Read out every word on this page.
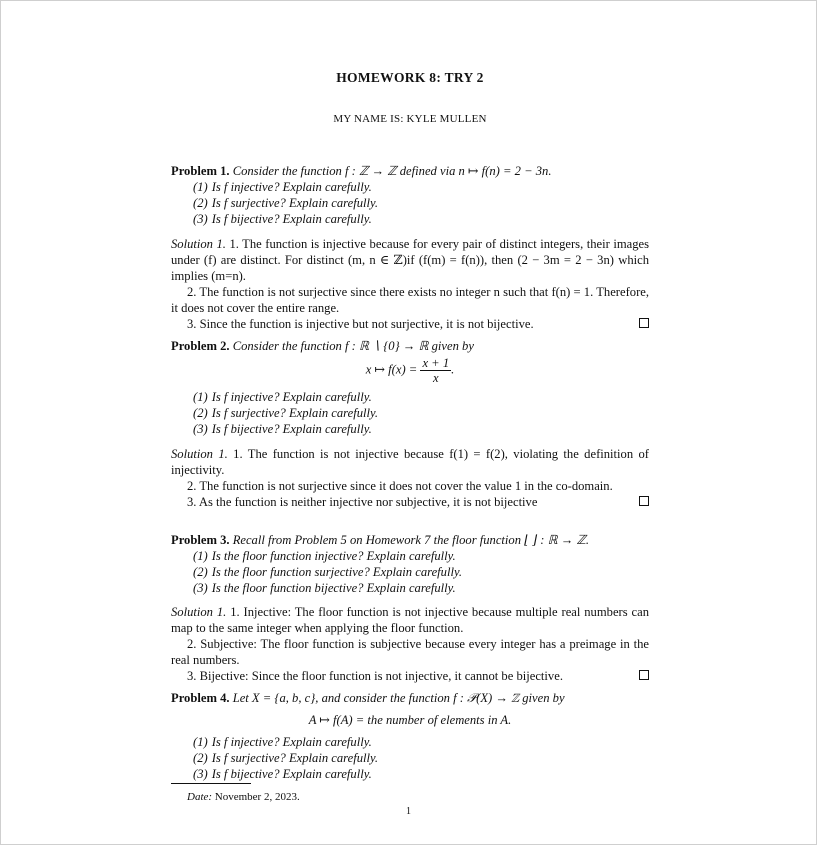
HOMEWORK 8: TRY 2
MY NAME IS: KYLE MULLEN

Problem 1. Consider the function f : ℤ → ℤ defined via n ↦ f(n) = 2 − 3n.

(1) Is f injective? Explain carefully.
(2) Is f surjective? Explain carefully.
(3) Is f bijective? Explain carefully.

Solution 1. 1. The function is injective because for every pair of distinct integers, their images under (f) are distinct. For distinct (m, n ∈ ℤ)if (f(m) = f(n)), then (2 − 3m = 2 − 3n) which implies (m=n).

2. The function is not surjective since there exists no integer n such that f(n) = 1. Therefore, it does not cover the entire range.

3. Since the function is injective but not surjective, it is not bijective.

Problem 2. Consider the function f : ℝ ∖ {0} → ℝ given by

x ↦ $f(x) = \frac{x + 1}{x}$ .
(1) Is f injective? Explain carefully.
(2) Is f surjective? Explain carefully.
(3) Is f bijective? Explain carefully.

Solution 1. 1. The function is not injective because f(1) = f(2), violating the definition of injectivity.

2. The function is not surjective since it does not cover the value 1 in the co-domain.

3. As the function is neither injective nor subjective, it is not bijective

Problem 3. Recall from Problem 5 on Homework 7 the floor function ⌊ ⌋ : ℝ → ℤ.

(1) Is the floor function injective? Explain carefully.
(2) Is the floor function surjective? Explain carefully.
(3) Is the floor function bijective? Explain carefully.

Solution 1. 1. Injective: The floor function is not injective because multiple real numbers can map to the same integer when applying the floor function.

2. Subjective: The floor function is subjective because every integer has a preimage in the real numbers.

3. Bijective: Since the floor function is not injective, it cannot be bijective.

Problem 4. Let X = {a, b, c}, and consider the function f : 𝒫(X) → ℤ given by

A ↦ f(A) = the number of elements in A.

(1) Is f injective? Explain carefully.
(2) Is f surjective? Explain carefully.
(3) Is f bijective? Explain carefully.
Date: November 2, 2023.
1
